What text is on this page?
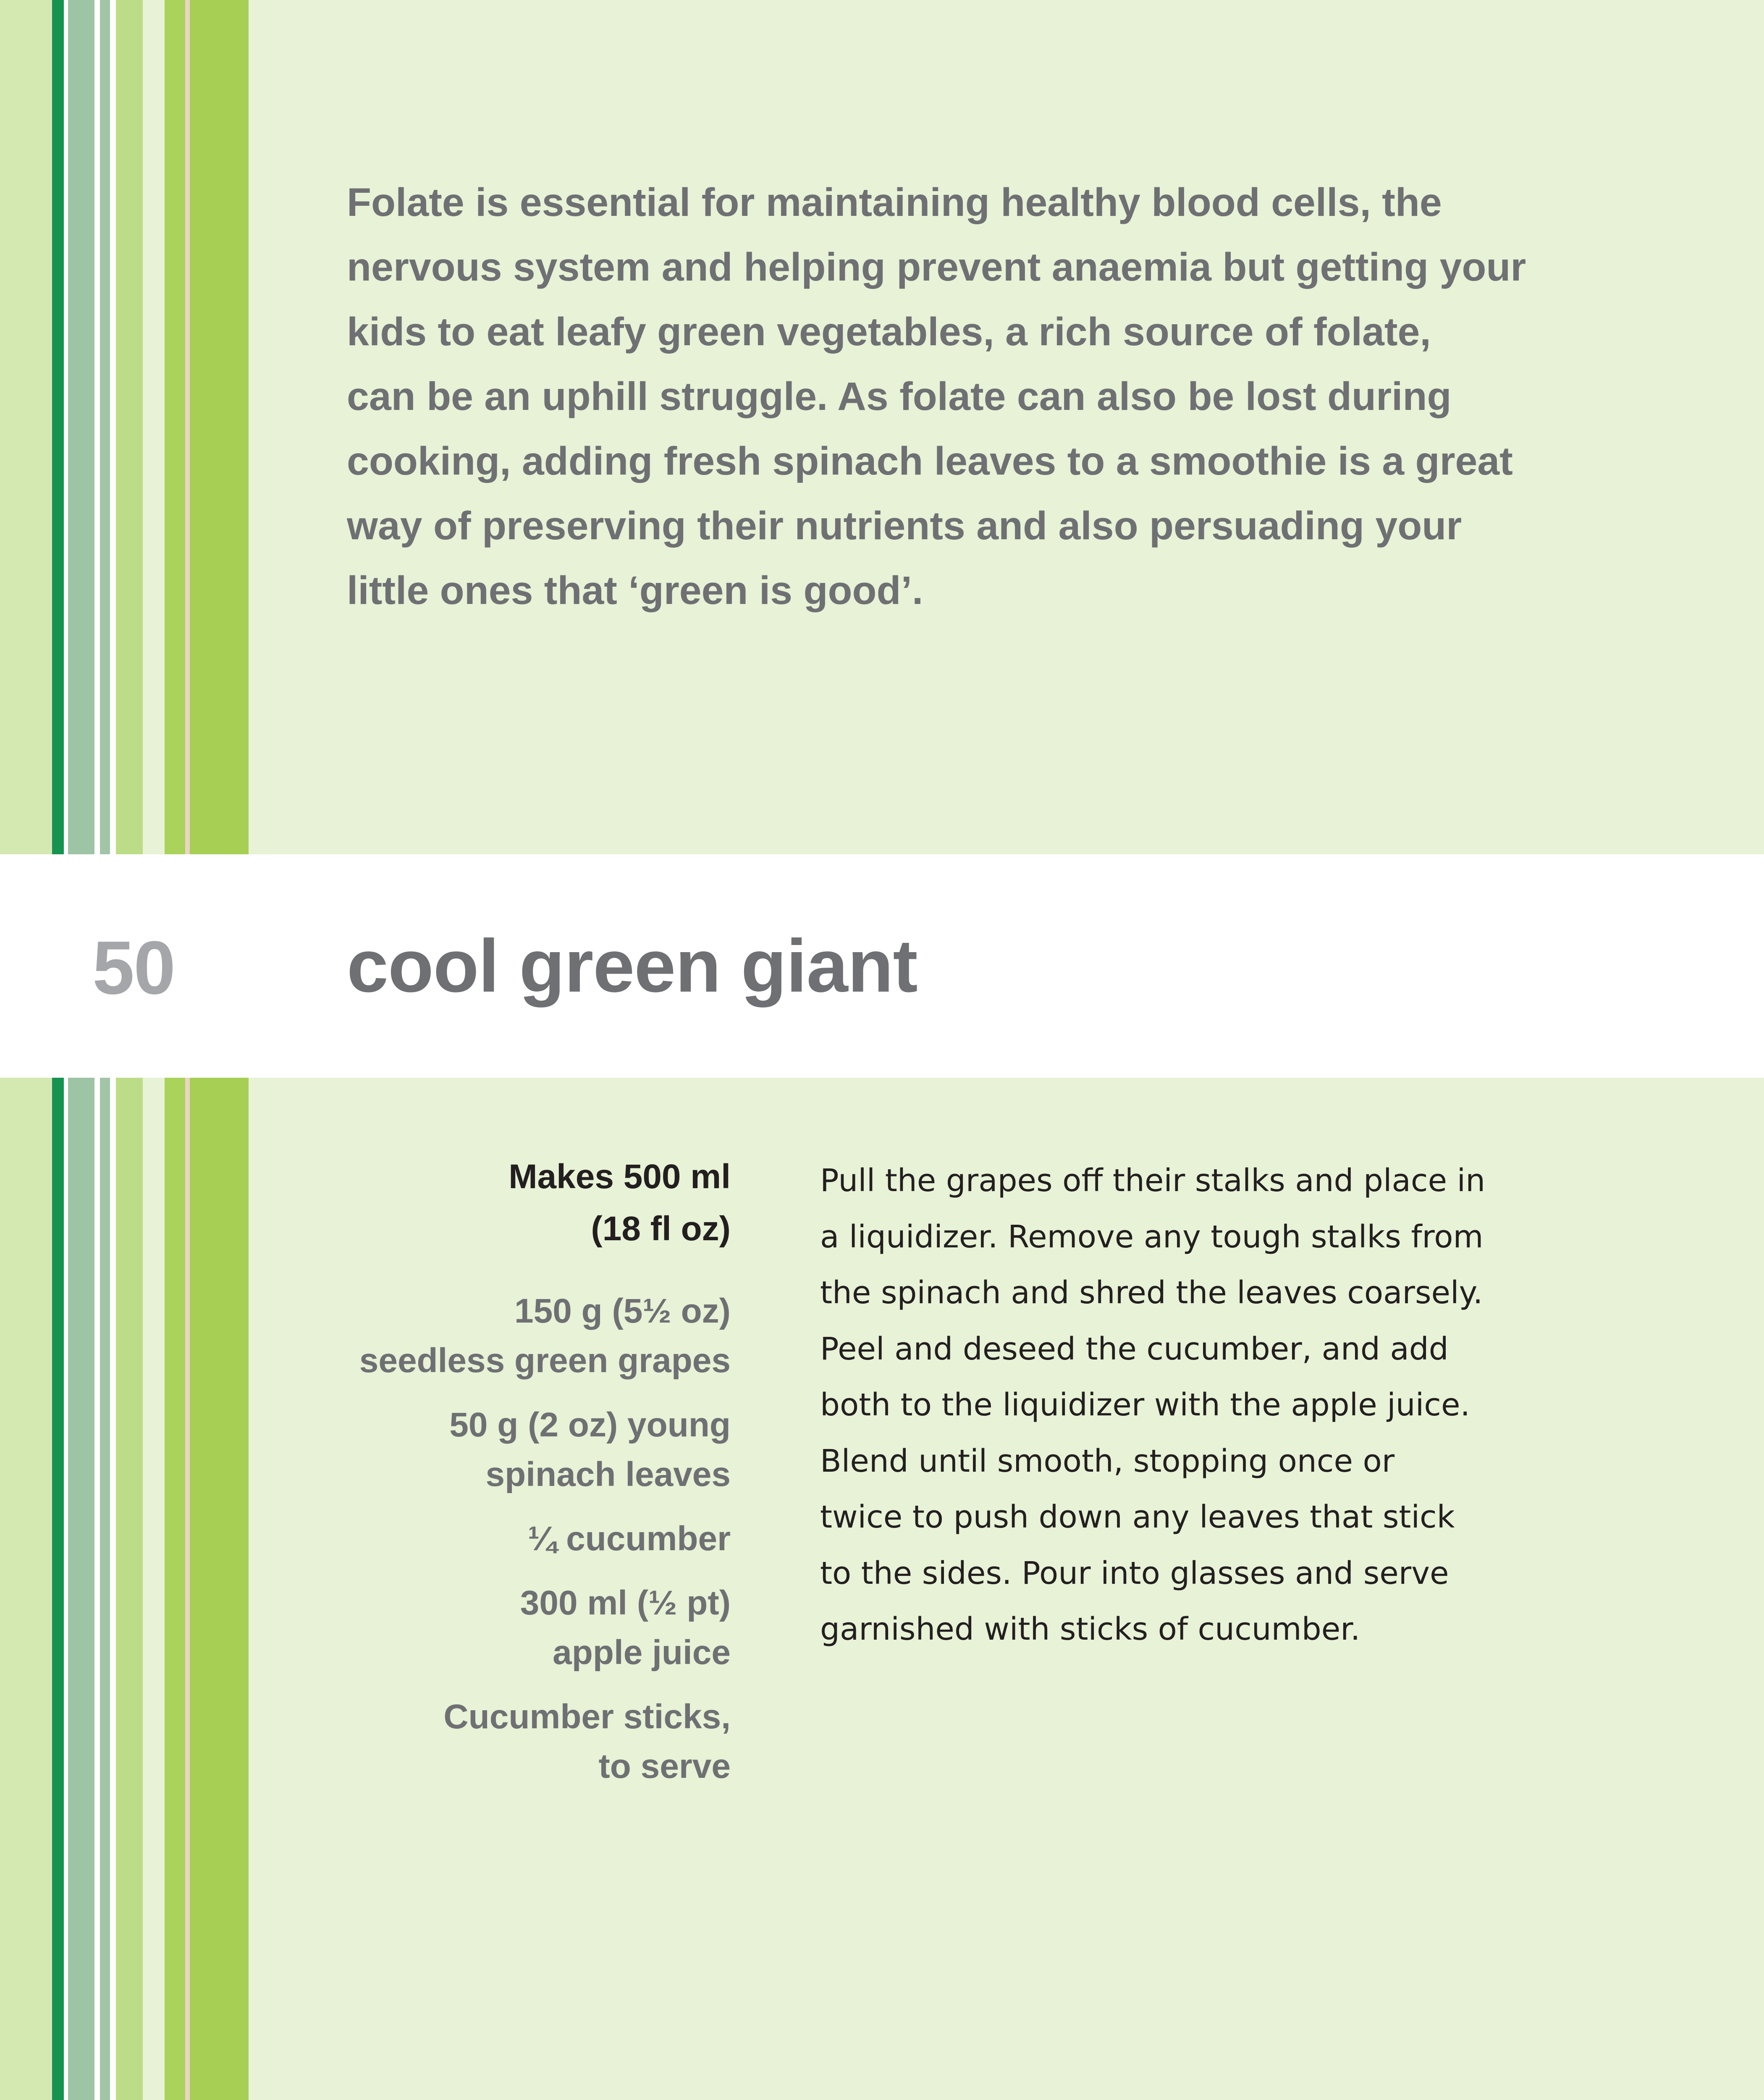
Folate is essential for maintaining healthy blood cells, the
nervous system and helping prevent anaemia but getting your
kids to eat leafy green vegetables, a rich source of folate,
can be an uphill struggle. As folate can also be lost during
cooking, adding fresh spinach leaves to a smoothie is a great
way of preserving their nutrients and also persuading your
little ones that ‘green is good’.

50 cool green giant
Makes 500 ml
(18 fl oz)
150 g (5½ oz)
seedless green grapes
50 g (2 oz) young
spinach leaves
¼ cucumber
300 ml (½ pt)
apple juice
Cucumber sticks,
to serve

Pull the grapes off their stalks and place in
a liquidizer. Remove any tough stalks from
the spinach and shred the leaves coarsely.
Peel and deseed the cucumber, and add
both to the liquidizer with the apple juice.
Blend until smooth, stopping once or
twice to push down any leaves that stick
to the sides. Pour into glasses and serve
garnished with sticks of cucumber.
